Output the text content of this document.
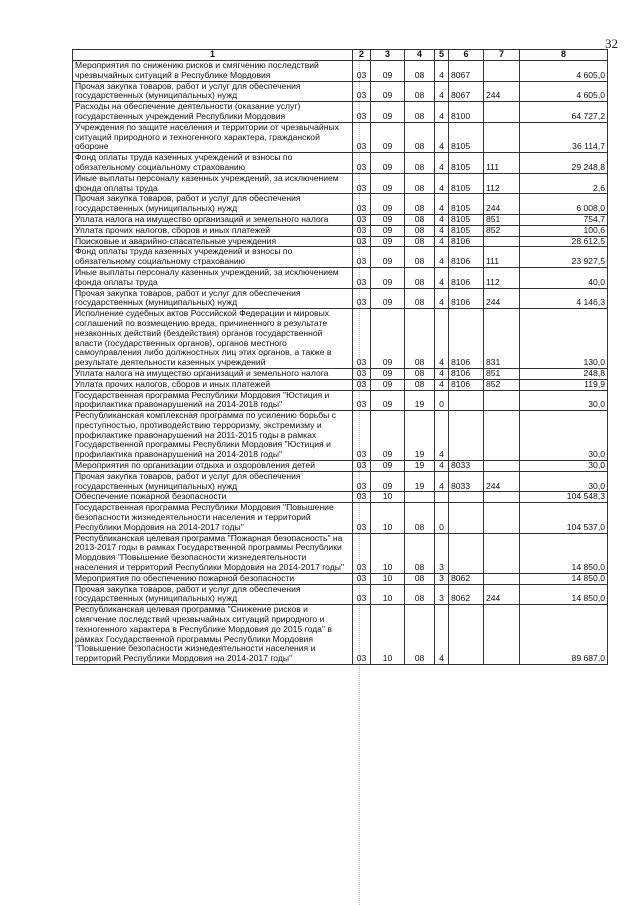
32
1	2	3	4	5	6	7	8
Мероприятия по снижению рисков и смягчению последствий чрезвычайных ситуаций в Республике Мордовия	03	09	08	4	8067		4 605,0
Прочая закупка товаров, работ и услуг для обеспечения государственных (муниципальных) нужд	03	09	08	4	8067	244	4 605,0
Расходы на обеспечение деятельности (оказание услуг) государственных учреждений Республики Мордовия	03	09	08	4	8100		64 727,2
Учреждения по защите населения и территории от чрезвычайных ситуаций природного и техногенного характера, гражданской обороне	03	09	08	4	8105		36 114,7
Фонд оплаты труда казенных учреждений и взносы по обязательному социальному страхованию	03	09	08	4	8105	111	29 248,8
Иные выплаты персоналу казенных учреждений, за исключением фонда оплаты труда	03	09	08	4	8105	112	2,6
Прочая закупка товаров, работ и услуг для обеспечения государственных (муниципальных) нужд	03	09	08	4	8105	244	6 008,0
Уплата налога на имущество организаций и земельного налога	03	09	08	4	8105	851	754,7
Уплата прочих налогов, сборов и иных платежей	03	09	08	4	8105	852	100,6
Поисковые и аварийно-спасательные учреждения	03	09	08	4	8106		28 612,5
Фонд оплаты труда казенных учреждений и взносы по обязательному социальному страхованию	03	09	08	4	8106	111	23 927,5
Иные выплаты персоналу казенных учреждений, за исключением фонда оплаты труда	03	09	08	4	8106	112	40,0
Прочая закупка товаров, работ и услуг для обеспечения государственных (муниципальных) нужд	03	09	08	4	8106	244	4 146,3
Исполнение судебных актов Российской Федерации и мировых соглашений по возмещению вреда, причиненного в результате незаконных действий (бездействия) органов государственной власти (государственных органов), органов местного самоуправления либо должностных лиц этих органов, а также в результате деятельности казенных учреждений	03	09	08	4	8106	831	130,0
Уплата налога на имущество организаций и земельного налога	03	09	08	4	8106	851	248,8
Уплата прочих налогов, сборов и иных платежей	03	09	08	4	8106	852	119,9
Государственная программа Республики Мордовия "Юстиция и профилактика правонарушений на 2014-2018 годы"	03	09	19	0			30,0
Республиканская комплексная программа по усилению борьбы с преступностью, противодействию терроризму, экстремизму и профилактике правонарушений на 2011-2015 годы в рамках Государственной программы Республики Мордовия "Юстиция и профилактика правонарушений на 2014-2018 годы"	03	09	19	4			30,0
Мероприятия по организации отдыха и оздоровления детей	03	09	19	4	8033		30,0
Прочая закупка товаров, работ и услуг для обеспечения государственных (муниципальных) нужд	03	09	19	4	8033	244	30,0
Обеспечение пожарной безопасности	03	10					104 548,3
Государственная программа Республики Мордовия "Повышение безопасности жизнедеятельности населения и территорий Республики Мордовия на 2014-2017 годы"	03	10	08	0			104 537,0
Республиканская целевая программа "Пожарная безопасность" на 2013-2017 годы в рамках Государственной программы Республики Мордовия "Повышение безопасности жизнедеятельности населения и территорий Республики Мордовия на 2014-2017 годы"	03	10	08	3			14 850,0
Мероприятия по обеспечению пожарной безопасности	03	10	08	3	8062		14 850,0
Прочая закупка товаров, работ и услуг для обеспечения государственных (муниципальных) нужд	03	10	08	3	8062	244	14 850,0
Республиканская целевая программа "Снижение рисков и смягчение последствий чрезвычайных ситуаций природного и техногенного характера в Республике Мордовия до 2015 года" в рамках Государственной программы Республики Мордовия "Повышение безопасности жизнедеятельности населения и территорий Республики Мордовия на 2014-2017 годы"	03	10	08	4			89 687,0
